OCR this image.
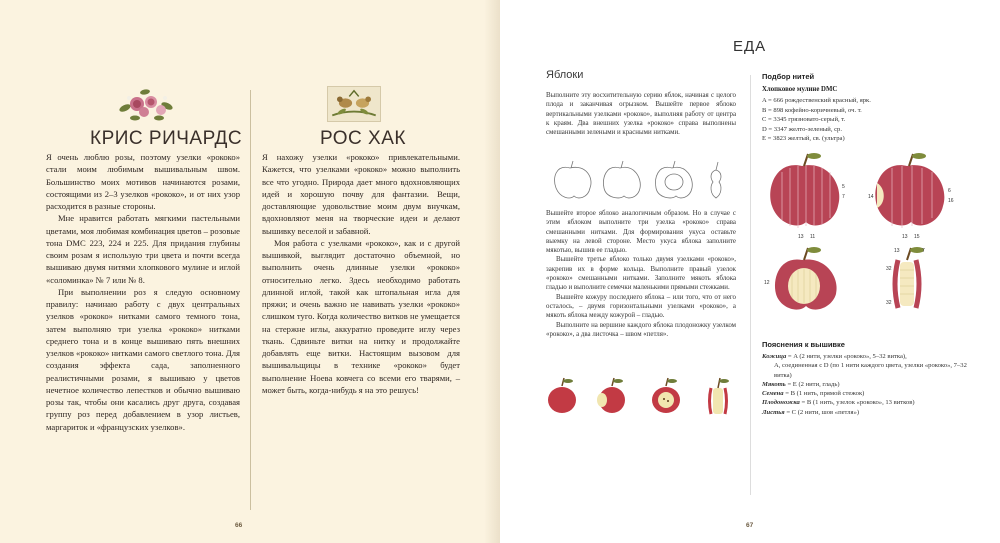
КРИС РИЧАРДС	РОС ХАК

Я очень люблю розы, поэтому узелки «рококо» стали моим любимым вышивальным швом. Большинство моих мотивов начинаются розами, состоящими из 2–3 узелков «рококо», и от них узор расходится в разные стороны.

Мне нравится работать мягкими пастельными цветами, моя любимая комбинация цветов – розовые тона DMC 223, 224 и 225. Для придания глубины своим розам я использую три цвета и почти всегда вышиваю двумя нитями хлопкового мулине и иглой «соломинка» № 7 или № 8.

При выполнении роз я следую основному правилу: начинаю работу с двух центральных узелков «рококо» нитками самого темного тона, затем выполняю три узелка «рококо» нитками среднего тона и в конце вышиваю пять внешних узелков «рококо» нитками самого светлого тона. Для создания эффекта сада, заполненного реалистичными розами, я вышиваю у цветов нечетное количество лепестков и обычно вышиваю розы так, чтобы они касались друг друга, создавая группу роз перед добавлением в узор листьев, маргариток и «французских узелков».

Я нахожу узелки «рококо» привлекательными. Кажется, что узелками «рококо» можно выполнить все что угодно. Природа дает много вдохновляющих идей и хорошую почву для фантазии. Вещи, доставляющие удовольствие моим двум внучкам, вдохновляют меня на творческие идеи и делают вышивку веселой и забавной.

Моя работа с узелками «рококо», как и с другой вышивкой, выглядит достаточно объемной, но выполнить очень длинные узелки «рококо» относительно легко. Здесь необходимо работать длинной иглой, такой как штопальная игла для пряжи; и очень важно не навивать узелки «рококо» слишком туго. Когда количество витков не умещается на стержне иглы, аккуратно проведите иглу через ткань. Сдвиньте витки на нитку и продолжайте добавлять еще витки. Настоящим вызовом для вышивальщицы в технике «рококо» будет выполнение Ноева ковчега со всеми его тварями, – может быть, когда-нибудь я на это решусь!

66
ЕДА
Яблоки

Выполните эту восхитительную серию яблок, начиная с целого плода и заканчивая огрызком. Вышейте первое яблоко вертикальными узелками «рококо», выполняя работу от центра к краям. Два внешних узелка «рококо» справа выполнены смешанными зелеными и красными нитками.

Вышейте второе яблоко аналогичным образом. Но в случае с этим яблоком выполните три узелка «рококо» справа смешанными нитками. Для формирования укуса оставьте выемку на левой стороне. Место укуса яблока заполните мякотью, вышив ее гладью.

Вышейте третье яблоко только двумя узелками «рококо», закрепив их в форме кольца. Выполните правый узелок «рококо» смешанными нитками. Заполните мякоть яблока гладью и выполните семечки маленькими прямыми стежками.

Вышейте кожуру последнего яблока – или того, что от него осталось, – двумя горизонтальными узелками «рококо», а мякоть яблока между кожурой – гладью.

Выполните на вершине каждого яблока плодоножку узелком «рококо», а два листочка – швом «петля».

Подбор нитей
Хлопковое мулине DMC
A = 666 рождественский красный, ярк.
B = 898 кофейно-коричневый, оч. т.
C = 3345 грязновато-серый, т.
D = 3347 желто-зеленый, ср.
E = 3823 желтый, св. (ультра)
5
7
13 11
6
13 15
16
14
12
32
32
7
13
Пояснения к вышивке
Кожица = A (2 нити, узелки «рококо», 5–32 витка),
A, соединенная с D (по 1 нити каждого цвета, узелки «рококо», 7–32 витка)
Мякоть = E (2 нити, гладь)
Семена = B (1 нить, прямой стежок)
Плодоножка = B (1 нить, узелок «рококо», 13 витков)
Листья = C (2 нити, шов «петля»)
67
